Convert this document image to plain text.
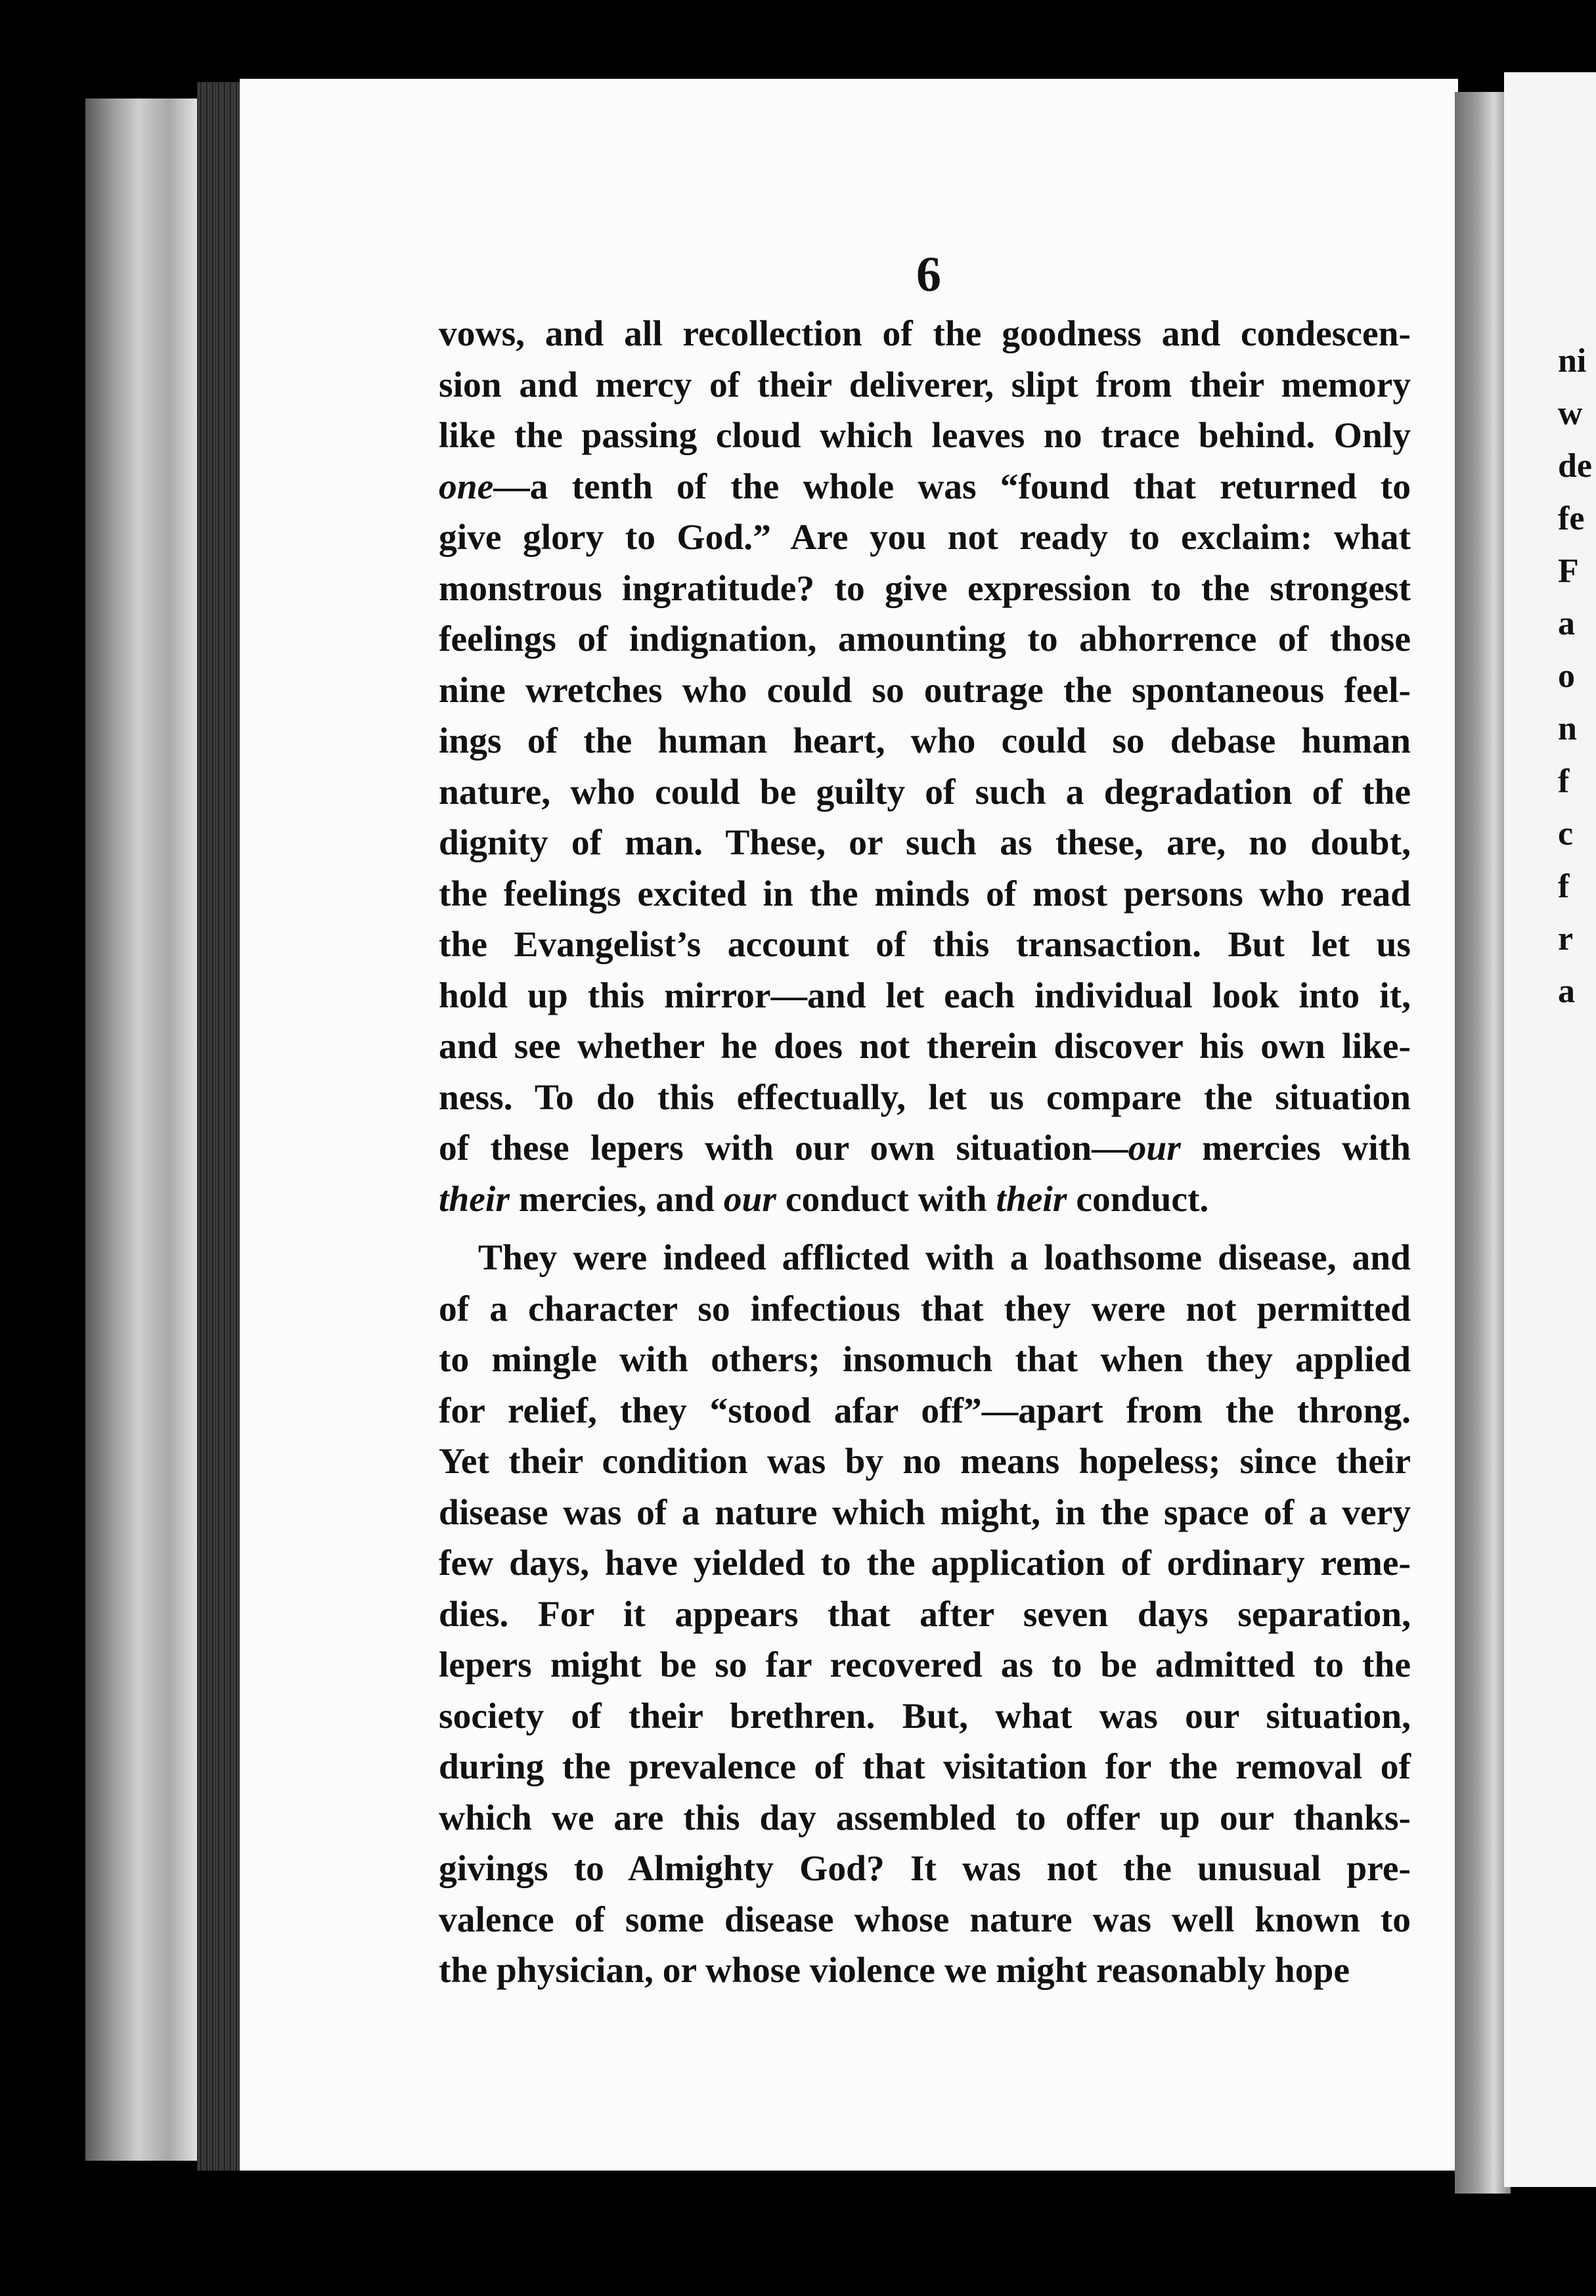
ni
w
de
fe
F
a
o
n
f
c
f
r
a
6
vows, and all recollection of the goodness and condescen-
sion and mercy of their deliverer, slipt from their memory
like the passing cloud which leaves no trace behind. Only
one—a tenth of the whole was “found that returned to
give glory to God.” Are you not ready to exclaim: what
monstrous ingratitude? to give expression to the strongest
feelings of indignation, amounting to abhorrence of those
nine wretches who could so outrage the spontaneous feel-
ings of the human heart, who could so debase human
nature, who could be guilty of such a degradation of the
dignity of man. These, or such as these, are, no doubt,
the feelings excited in the minds of most persons who read
the Evangelist’s account of this transaction. But let us
hold up this mirror—and let each individual look into it,
and see whether he does not therein discover his own like-
ness. To do this effectually, let us compare the situation
of these lepers with our own situation—our mercies with
their mercies, and our conduct with their conduct.
They were indeed afflicted with a loathsome disease, and
of a character so infectious that they were not permitted
to mingle with others; insomuch that when they applied
for relief, they “stood afar off”—apart from the throng.
Yet their condition was by no means hopeless; since their
disease was of a nature which might, in the space of a very
few days, have yielded to the application of ordinary reme-
dies. For it appears that after seven days separation,
lepers might be so far recovered as to be admitted to the
society of their brethren. But, what was our situation,
during the prevalence of that visitation for the removal of
which we are this day assembled to offer up our thanks-
givings to Almighty God? It was not the unusual pre-
valence of some disease whose nature was well known to
the physician, or whose violence we might reasonably hope
